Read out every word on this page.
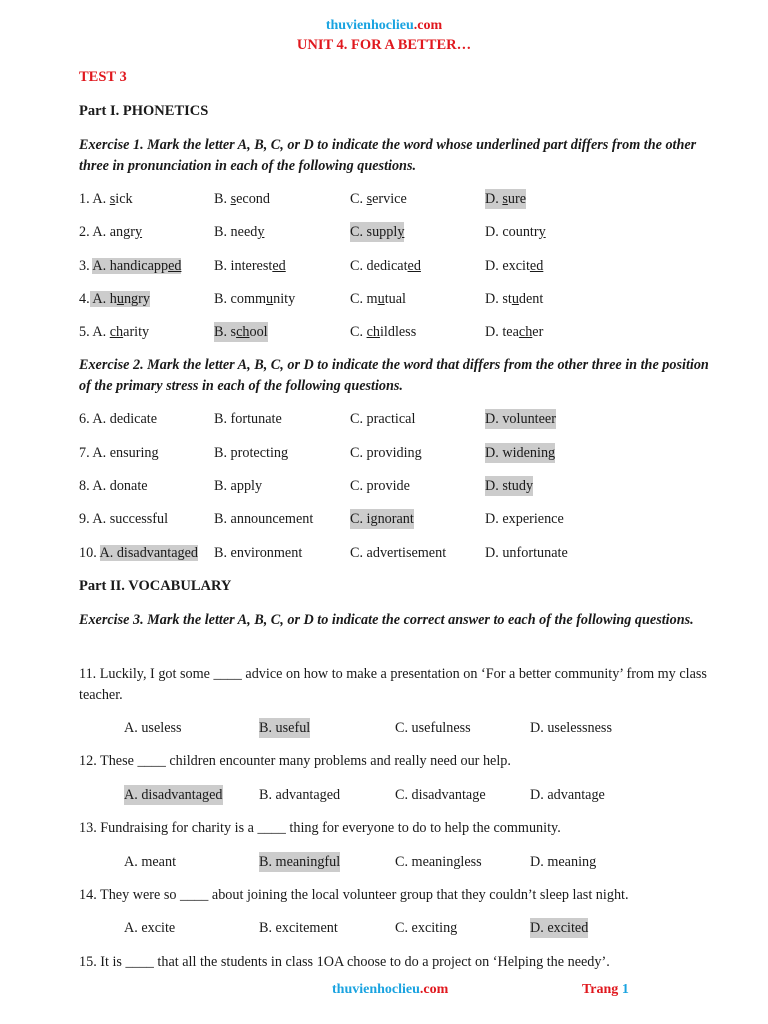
thuvienhoclieu.com
UNIT 4. FOR A BETTER…
TEST 3
Part I. PHONETICS
Exercise 1. Mark the letter A, B, C, or D to indicate the word whose underlined part differs from the other three in pronunciation in each of the following questions.
1. A. sick	B. second	C. service	D. sure
2. A. angry	B. needy	C. supply	D. country
3. A. handicapped B. interested	C. dedicated	D. excited
4. A. hungry	B. community	C. mutual	D. student
5. A. charity	B. school	C. childless	D. teacher
Exercise 2. Mark the letter A, B, C, or D to indicate the word that differs from the other three in the position of the primary stress in each of the following questions.
6. A. dedicate	B. fortunate	C. practical	D. volunteer
7. A. ensuring	B. protecting	C. providing	D. widening
8. A. donate	B. apply	C. provide	D. study
9. A. successful	B. announcement	C. ignorant	D. experience
10. A. disadvantaged B. environment	C. advertisement	D. unfortunate
Part II. VOCABULARY
Exercise 3. Mark the letter A, B, C, or D to indicate the correct answer to each of the following questions.
11. Luckily, I got some ____ advice on how to make a presentation on ‘For a better community’ from my class teacher.
A. useless	B. useful	C. usefulness	D. uselessness
12. These ____ children encounter many problems and really need our help.
A. disadvantaged	B. advantaged	C. disadvantage	D. advantage
13. Fundraising for charity is a ____ thing for everyone to do to help the community.
A. meant	B. meaningful	C. meaningless	D. meaning
14. They were so ____ about joining the local volunteer group that they couldn’t sleep last night.
A. excite	B. excitement	C. exciting	D. excited
15. It is ____ that all the students in class 1OA choose to do a project on ‘Helping the needy’.
thuvienhoclieu.com	Trang 1
